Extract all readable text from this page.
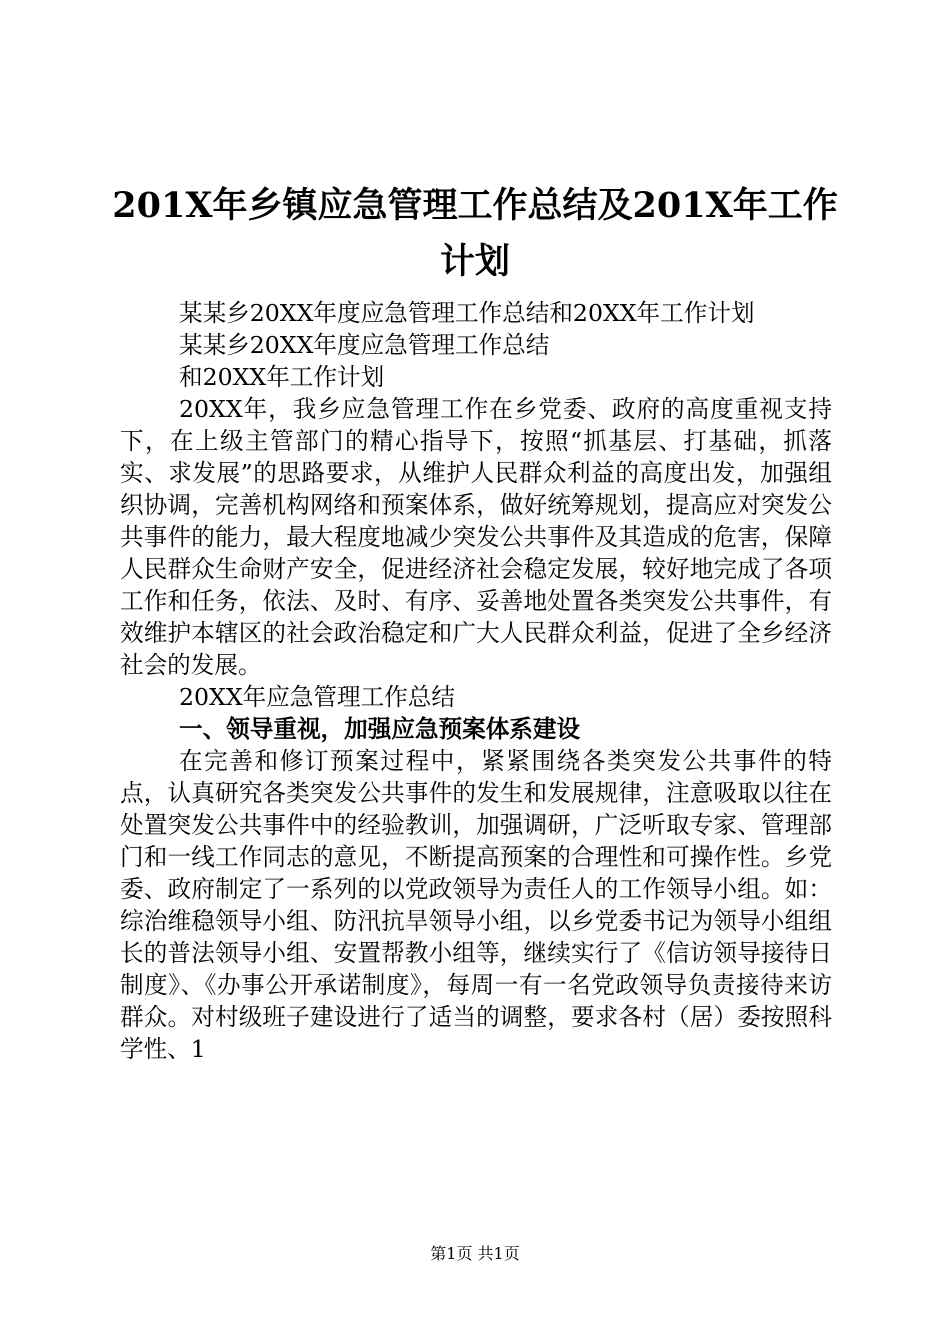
201X年乡镇应急管理工作总结及201X年工作计划

某某乡20XX年度应急管理工作总结和20XX年工作计划

某某乡20XX年度应急管理工作总结

和20XX年工作计划

20XX年，我乡应急管理工作在乡党委、政府的高度重视支持下，在上级主管部门的精心指导下，按照“抓基层、打基础，抓落实、求发展”的思路要求，从维护人民群众利益的高度出发，加强组织协调，完善机构网络和预案体系，做好统筹规划，提高应对突发公共事件的能力，最大程度地减少突发公共事件及其造成的危害，保障人民群众生命财产安全，促进经济社会稳定发展，较好地完成了各项工作和任务，依法、及时、有序、妥善地处置各类突发公共事件，有效维护本辖区的社会政治稳定和广大人民群众利益，促进了全乡经济社会的发展。

20XX年应急管理工作总结

一、领导重视，加强应急预案体系建设

在完善和修订预案过程中，紧紧围绕各类突发公共事件的特点，认真研究各类突发公共事件的发生和发展规律，注意吸取以往在处置突发公共事件中的经验教训，加强调研，广泛听取专家、管理部门和一线工作同志的意见，不断提高预案的合理性和可操作性。乡党委、政府制定了一系列的以党政领导为责任人的工作领导小组。如：综治维稳领导小组、防汛抗旱领导小组，以乡党委书记为领导小组组长的普法领导小组、安置帮教小组等，继续实行了《信访领导接待日制度》、《办事公开承诺制度》，每周一有一名党政领导负责接待来访群众。对村级班子建设进行了适当的调整，要求各村（居）委按照科学性、1

第1页 共1页
